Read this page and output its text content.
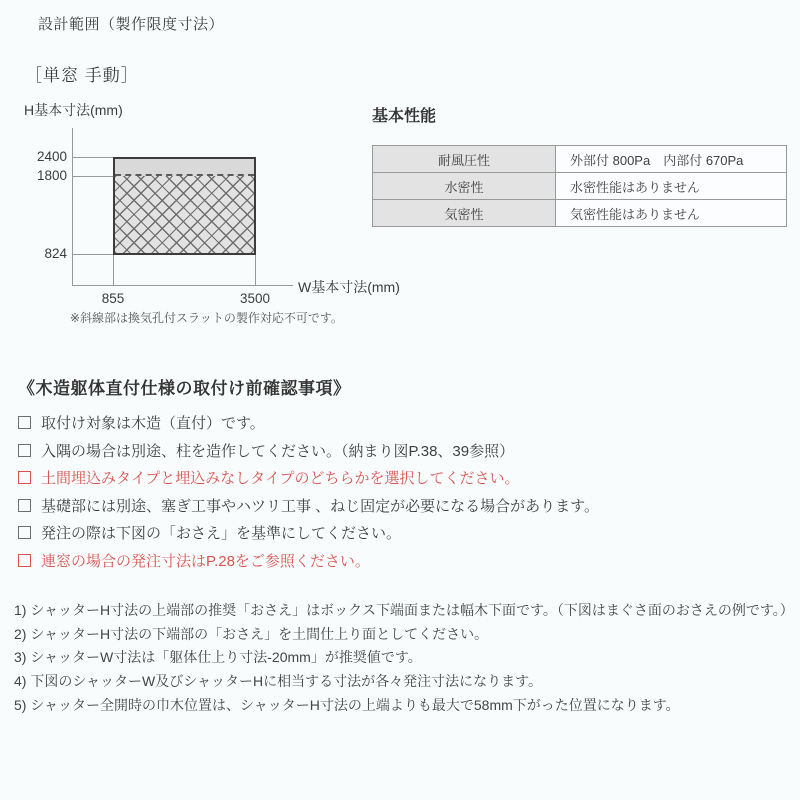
設計範囲（製作限度寸法）
［単窓 手動］
H基本寸法(mm)
W基本寸法(mm)
2400
1800
824
855	3500
※斜線部は換気孔付スラットの製作対応不可です。
基本性能
耐風圧性	外部付 800Pa　内部付 670Pa
水密性	水密性能はありません
気密性	気密性能はありません
《木造躯体直付仕様の取付け前確認事項》
取付け対象は木造（直付）です。
入隅の場合は別途、柱を造作してください。（納まり図P.38、39参照）
土間埋込みタイプと埋込みなしタイプのどちらかを選択してください。
基礎部には別途、塞ぎ工事やハツリ工事 、ねじ固定が必要になる場合があります。
発注の際は下図の「おさえ」を基準にしてください。
連窓の場合の発注寸法はP.28をご参照ください。
1) シャッターH寸法の上端部の推奨「おさえ」はボックス下端面または幅木下面です。（下図はまぐさ面のおさえの例です。）
2) シャッターH寸法の下端部の「おさえ」を土間仕上り面としてください。
3) シャッターW寸法は「躯体仕上り寸法-20mm」が推奨値です。
4) 下図のシャッターW及びシャッターHに相当する寸法が各々発注寸法になります。
5) シャッター全開時の巾木位置は、シャッターH寸法の上端よりも最大で58mm下がった位置になります。
